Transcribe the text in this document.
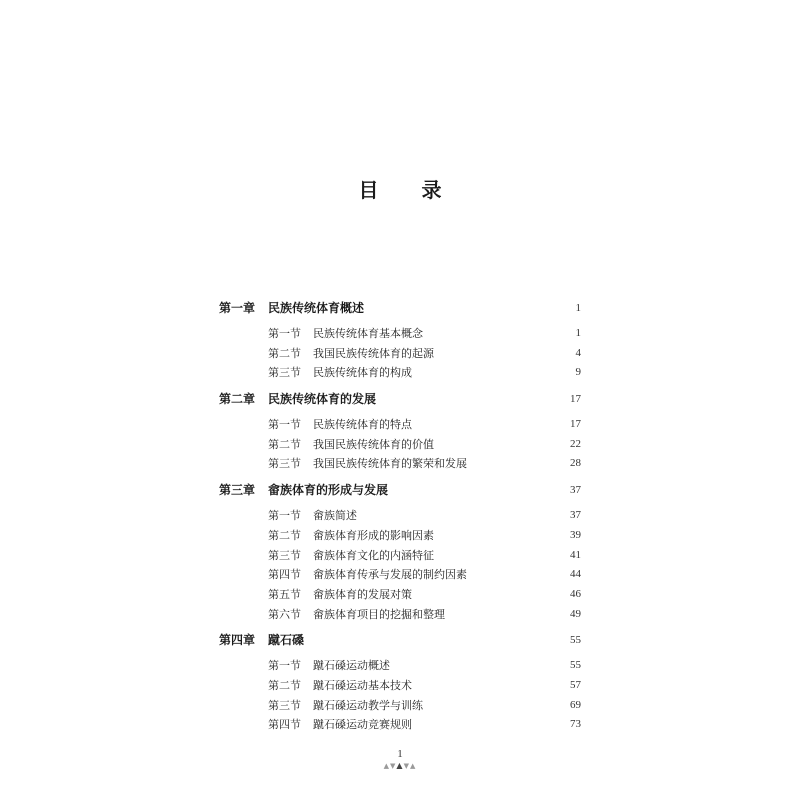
目 录
第一章 民族传统体育概述	1
第一节 民族传统体育基本概念	1
第二节 我国民族传统体育的起源	4
第三节 民族传统体育的构成	9
第二章 民族传统体育的发展	17
第一节 民族传统体育的特点	17
第二节 我国民族传统体育的价值	22
第三节 我国民族传统体育的繁荣和发展	28
第三章 畲族体育的形成与发展	37
第一节 畲族简述	37
第二节 畲族体育形成的影响因素	39
第三节 畲族体育文化的内涵特征	41
第四节 畲族体育传承与发展的制约因素	44
第五节 畲族体育的发展对策	46
第六节 畲族体育项目的挖掘和整理	49
第四章 蹴石磉	55
第一节 蹴石磉运动概述	55
第二节 蹴石磉运动基本技术	57
第三节 蹴石磉运动教学与训练	69
第四节 蹴石磉运动竞赛规则	73
1
▲▼▲▼▲
